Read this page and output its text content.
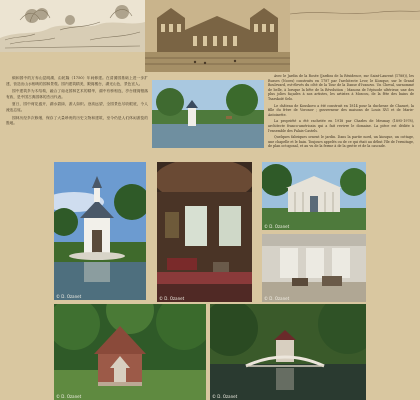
颐和园中的万寿山昆明湖，由乾隆（1750）年间修建。在清漪园基础上进一步扩建，营造出山水相映的园林景观。园内建筑精美，殿阁楼台，湖光山色，景色宜人。

园中建筑多为木结构，融合了南北园林艺术的精华，湖中有桥相连，亭台楼阁错落有致，是中国古典园林的杰出代表。

夏日，园中荷花盛开，湖水碧绿，游人如织。登高远望，全园景色尽收眼底，令人流连忘返。

园林历经多次修缮，保存了大量珍贵的历史文物和建筑，至今仍是人们休闲游览的胜地。

Avec le Jardin de la Rosée (Jardins de la Résidence, sur Saint-Laurent (1788)), les Russes (Noces) construits en 1787 par l'architecte Lvov, le Kiosque, sur le Grand Boulevard, est-élevés du côté de la Tour de la Danse d'Ivanovo. Un Cheval, surnommé de belle, à lorsque la bête de la Révolution ; Manons de l'épisode ultérieur, une des plus jolies façades à nos artistes, les artistes à Moscou, de la fête des bains de Tsarskoïé Selo.

Le château de Kouskovo a été construit en 1814 pour la duchesse de Chasset, la fille du frère de Voronov ; gouverneur des maisons de Louis XVI et de Marie-Antoinette.

La propriété a été rachetée en 1918 par Charles de Mesmay (1895-1978), architecte franco-américain qui a fait revivre le domaine. La pièce est dédiée à l'ensemble des Palais-Castels.

Quelques fabriques ornent le jardin. Dans la partie nord, un kiosque, un cottage, une chapelle et le bain. Toujours appelés ou de ce qui était au début l'île de l'ermitage, de plan octogonal, et au vu de la ferme à de la grotte et de la cascade.

© D. Ozanet	© D. Ozanet
© D. Ozanet
© D. Ozanet
© D. Ozanet	© D. Ozanet
